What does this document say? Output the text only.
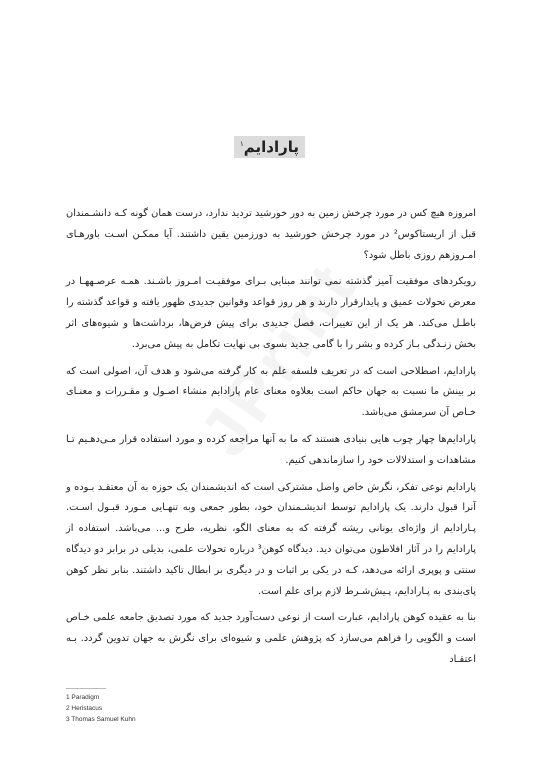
پارادایم$^۱$

امروزه هیچ کس در مورد چرخش زمین به دور خورشید تردید ندارد، درست همان گونه کـه دانشـمندان قبل از اریستاکوس² در مورد چرخش خورشید به دورزمین یقین داشتند. آیا ممکـن اسـت باورهـای امـروزهم روزی باطل شود؟

رویکردهای موفقیت آمیز گذشته نمی توانند مبنایی بـرای موفقیـت امـروز باشـند. همـه عرصـههـا در معرض تحولات عمیق و پایدارقرار دارند و هر روز قواعد وقوانین جدیدی ظهور یافته و قواعد گذشته را باطـل می‌کند. هر یک از این تغییرات، فصل جدیدی برای پیش فرض‌ها، برداشت‌ها و شیوه‌های اثر بخش زنـدگی بـاز کرده و بشر را با گامی جدید بسوی بی نهایت تکامل به پیش می‌برد.

پارادایم، اصطلاحی است که در تعریف فلسفه علم به کار گرفته می‌شود و هدف آن، اصولی است که بر بینش ما نسبت به جهان حاکم است بعلاوه معنای عام پارادایم منشاء اصـول و مقـررات و معنـای خـاص آن سرمشق می‌باشد.

پارادایم‌ها چهار چوب هایی بنیادی هستند که ما به آنها مراجعه کرده و مورد استفاده قرار مـی‌دهـیم تـا مشاهدات و استدلالات خود را سازماندهی کنیم.

پارادایم نوعی تفکر، نگرش خاص واصل مشترکی است که اندیشمندان یک حوزه به آن معتقـد بـوده و آنرا قبول دارند. یک پارادایم توسط اندیشـمندان خود، بطور جمعی وبه تنهـایی مـورد قبـول اسـت. پـارادایم از واژه‌ای یونانی ریشه گرفته که به معنای الگو، نظریه، طرح و... می‌باشد. استفاده از پارادایم را در آثار افلاطون می‌توان دید. دیدگاه کوهن³ درباره تحولات علمی، بدیلی در برابر دو دیدگاه سنتی و پوپری ارائه می‌دهد، کـه در یکی بر اثبات و در دیگری بر ابطال تاکید داشتند. بنابر نظر کوهن پای‌بندی به پـارادایم، پـیش‌شـرط لازم برای علم است.

بنا به عقیده کوهن پارادایم، عبارت است از نوعی دست‌آورد جدید که مورد تصدیق جامعه علمی خـاص است و الگویی را فراهم می‌سازد که پژوهش علمی و شیوه‌ای برای نگرش به جهان تدوین گردد. بـه اعتقـاد

1 Paradigm
2 Heristacus
3 Thomas Samuel Kuhn
